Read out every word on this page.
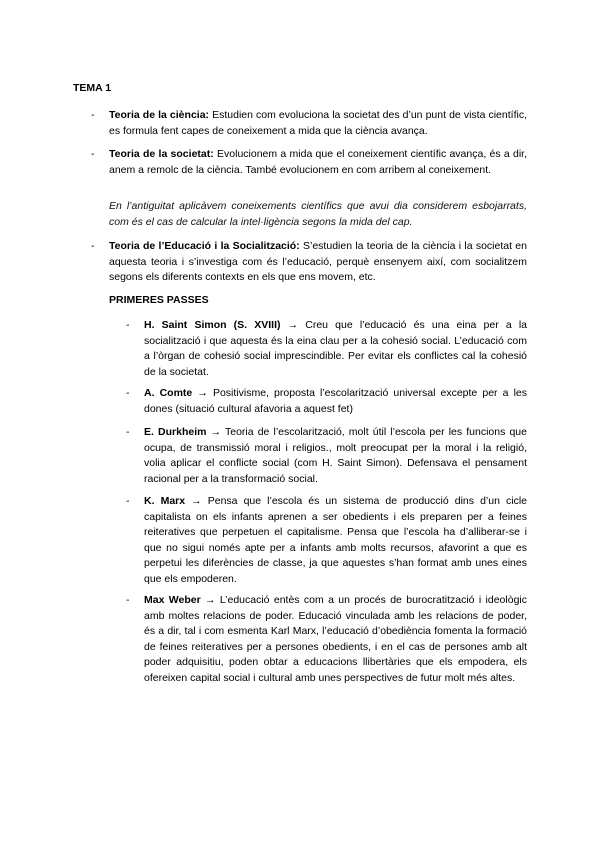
TEMA 1
- Teoria de la ciència: Estudien com evoluciona la societat des d’un punt de vista científic, es formula fent capes de coneixement a mida que la ciència avança.
- Teoria de la societat: Evolucionem a mida que el coneixement científic avança, és a dir, anem a remolc de la ciència. També evolucionem en com arribem al coneixement.
En l’antiguitat aplicàvem coneixements científics que avui dia considerem esbojarrats, com és el cas de calcular la intel·ligència segons la mida del cap.
- Teoria de l’Educació i la Socialització: S’estudien la teoria de la ciència i la societat en aquesta teoria i s’investiga com és l’educació, perquè ensenyem així, com socialitzem segons els diferents contexts en els que ens movem, etc.
PRIMERES PASSES
- H. Saint Simon (S. XVIII) → Creu que l’educació és una eina per a la socialització i que aquesta és la eina clau per a la cohesió social. L’educació com a l’òrgan de cohesió social imprescindible. Per evitar els conflictes cal la cohesió de la societat.
- A. Comte → Positivisme, proposta l’escolarització universal excepte per a les dones (situació cultural afavoria a aquest fet)
- E. Durkheim → Teoria de l’escolarització, molt útil l’escola per les funcions que ocupa, de transmissió moral i religios., molt preocupat per la moral i la religió, volia aplicar el conflicte social (com H. Saint Simon). Defensava el pensament racional per a la transformació social.
- K. Marx → Pensa que l’escola és un sistema de producció dins d’un cicle capitalista on els infants aprenen a ser obedients i els preparen per a feines reiteratives que perpetuen el capitalisme. Pensa que l’escola ha d’alliberar-se i que no sigui només apte per a infants amb molts recursos, afavorint a que es perpetui les diferències de classe, ja que aquestes s’han format amb unes eines que els empoderen.
- Max Weber → L’educació entès com a un procés de burocratització i ideològic amb moltes relacions de poder. Educació vinculada amb les relacions de poder, és a dir, tal i com esmenta Karl Marx, l’educació d’obediència fomenta la formació de feines reiteratives per a persones obedients, i en el cas de persones amb alt poder adquisitiu, poden obtar a educacions llibertàries que els empodera, els ofereixen capital social i cultural amb unes perspectives de futur molt més altes.
